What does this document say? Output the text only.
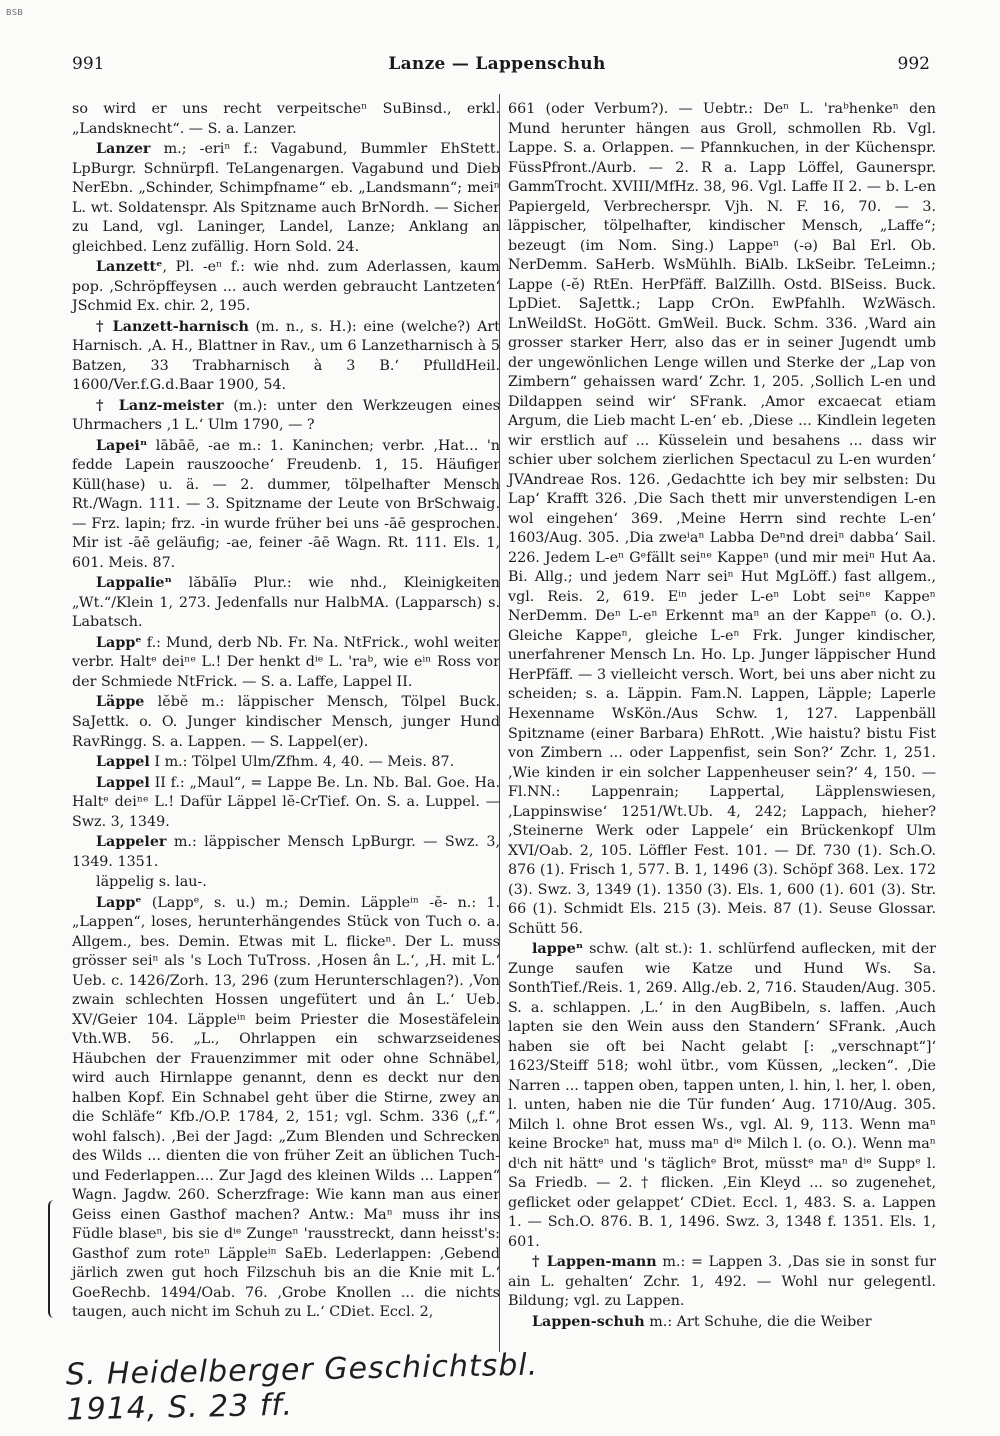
BSB
991	Lanze — Lappenschuh	992

so wird er uns recht verpeitscheⁿ SuBinsd., erkl. „Landsknecht“. — S. a. Lanzer.

Lanzer m.; -eriⁿ f.: Vagabund, Bummler EhStett. LpBurgr. Schnürpfl. TeLangenargen. Vagabund und Dieb NerEbn. „Schinder, Schimpfname“ eb. „Landsmann“; meiⁿ L. wt. Soldatenspr. Als Spitzname auch BrNordh. — Sicher zu Land, vgl. Laninger, Landel, Lanze; Anklang an gleichbed. Lenz zufällig. Horn Sold. 24.

Lanzettᵉ, Pl. -eⁿ f.: wie nhd. zum Aderlassen, kaum pop. ‚Schröpffeysen ... auch werden gebraucht Lantzeten‘ JSchmid Ex. chir. 2, 195.

† Lanzett-harnisch (m. n., s. H.): eine (welche?) Art Harnisch. ‚A. H., Blattner in Rav., um 6 Lanzetharnisch à 5 Batzen, 33 Trabharnisch à 3 B.‘ PfulldHeil. 1600/Ver.f.G.d.Baar 1900, 54.

† Lanz-meister (m.): unter den Werkzeugen eines Uhrmachers ‚1 L.‘ Ulm 1790, — ?

Lapeiⁿ lābāē, -ae m.: 1. Kaninchen; verbr. ‚Hat... 'n fedde Lapein rauszooche‘ Freudenb. 1, 15. Häufiger Küll(hase) u. ä. — 2. dummer, tölpelhafter Mensch Rt./Wagn. 111. — 3. Spitzname der Leute von BrSchwaig. — Frz. lapin; frz. -in wurde früher bei uns -āē gesprochen. Mir ist -āē geläufig; -ae, feiner -āē Wagn. Rt. 111. Els. 1, 601. Meis. 87.

Lappalieⁿ lăbālīə Plur.: wie nhd., Kleinigkeiten „Wt.“/Klein 1, 273. Jedenfalls nur HalbMA. (Lapparsch) s. Labatsch.

Lappᵉ f.: Mund, derb Nb. Fr. Na. NtFrick., wohl weiter verbr. Haltᵉ deiⁿᵉ L.! Der henkt dⁱᵉ L. 'raᵇ, wie eⁱⁿ Ross vor der Schmiede NtFrick. — S. a. Laffe, Lappel II.

Läppe lĕbĕ m.: läppischer Mensch, Tölpel Buck. SaJettk. o. O. Junger kindischer Mensch, junger Hund RavRingg. S. a. Lappen. — S. Lappel(er).

Lappel I m.: Tölpel Ulm/Zfhm. 4, 40. — Meis. 87.

Lappel II f.: „Maul“, = Lappe Be. Ln. Nb. Bal. Goe. Ha. Haltᵉ deiⁿᵉ L.! Dafür Läppel lĕ-CrTief. On. S. a. Luppel. — Swz. 3, 1349.

Lappeler m.: läppischer Mensch LpBurgr. — Swz. 3, 1349. 1351.

läppelig s. lau-.

Lappᵉ (Lappᵉ, s. u.) m.; Demin. Läppleⁱⁿ -ĕ- n.: 1. „Lappen“, loses, herunterhängendes Stück von Tuch o. a. Allgem., bes. Demin. Etwas mit L. flickeⁿ. Der L. muss grösser seiⁿ als 's Loch TuTross. ‚Hosen ân L.‘, ‚H. mit L.‘ Ueb. c. 1426/Zorh. 13, 296 (zum Herunterschlagen?). ‚Von zwain schlechten Hossen ungefütert und ân L.‘ Ueb. XV/Geier 104. Läppleⁱⁿ beim Priester die Mosestäfelein Vth.WB. 56. „L., Ohrlappen ein schwarzseidenes Häubchen der Frauenzimmer mit oder ohne Schnäbel, wird auch Hirnlappe genannt, denn es deckt nur den halben Kopf. Ein Schnabel geht über die Stirne, zwey an die Schläfe“ Kfb./O.P. 1784, 2, 151; vgl. Schm. 336 („f.“, wohl falsch). ‚Bei der Jagd: „Zum Blenden und Schrecken des Wilds ... dienten die von früher Zeit an üblichen Tuch- und Federlappen.... Zur Jagd des kleinen Wilds ... Lappen“ Wagn. Jagdw. 260. Scherzfrage: Wie kann man aus einer Geiss einen Gasthof machen? Antw.: Maⁿ muss ihr ins Füdle blaseⁿ, bis sie dⁱᵉ Zungeⁿ 'rausstreckt, dann heisst's: Gasthof zum roteⁿ Läppleⁱⁿ SaEb. Lederlappen: ‚Gebend järlich zwen gut hoch Filzschuh bis an die Knie mit L.‘ GoeRechb. 1494/Oab. 76. ‚Grobe Knollen ... die nichts taugen, auch nicht im Schuh zu L.‘ CDiet. Eccl. 2,

661 (oder Verbum?). — Uebtr.: Deⁿ L. 'raᵇhenkeⁿ den Mund herunter hängen aus Groll, schmollen Rb. Vgl. Lappe. S. a. Orlappen. — Pfannkuchen, in der Küchenspr. FüssPfront./Aurb. — 2. R a. Lapp Löffel, Gaunerspr. GammTrocht. XVIII/MfHz. 38, 96. Vgl. Laffe II 2. — b. L-en Papiergeld, Verbrecherspr. Vjh. N. F. 16, 70. — 3. läppischer, tölpelhafter, kindischer Mensch, „Laffe“; bezeugt (im Nom. Sing.) Lappeⁿ (-ə) Bal Erl. Ob. NerDemm. SaHerb. WsMühlh. BiAlb. LkSeibr. TeLeimn.; Lappe (-ĕ) RtEn. HerPfäff. BalZillh. Ostd. BlSeiss. Buck. LpDiet. SaJettk.; Lapp CrOn. EwPfahlh. WzWäsch. LnWeildSt. HoGött. GmWeil. Buck. Schm. 336. ‚Ward ain grosser starker Herr, also das er in seiner Jugendt umb der ungewönlichen Lenge willen und Sterke der „Lap von Zimbern“ gehaissen ward‘ Zchr. 1, 205. ‚Sollich L-en und Dildappen seind wir‘ SFrank. ‚Amor excaecat etiam Argum, die Lieb macht L-en‘ eb. ‚Diese ... Kindlein legeten wir erstlich auf ... Küsselein und besahens ... dass wir schier uber solchem zierlichen Spectacul zu L-en wurden‘ JVAndreae Ros. 126. ‚Gedachtte ich bey mir selbsten: Du Lap‘ Krafft 326. ‚Die Sach thett mir unverstendigen L-en wol eingehen‘ 369. ‚Meine Herrn sind rechte L-en‘ 1603/Aug. 305. ‚Dia zweⁱaⁿ Labba Deⁿnd dreiⁿ dabba‘ Sail. 226. Jedem L-eⁿ Gᵉfällt seiⁿᵉ Kappeⁿ (und mir meiⁿ Hut Aa. Bi. Allg.; und jedem Narr seiⁿ Hut MgLöff.) fast allgem., vgl. Reis. 2, 619. Eⁱⁿ jeder L-eⁿ Lobt seiⁿᵉ Kappeⁿ NerDemm. Deⁿ L-eⁿ Erkennt maⁿ an der Kappeⁿ (o. O.). Gleiche Kappeⁿ, gleiche L-eⁿ Frk. Junger kindischer, unerfahrener Mensch Ln. Ho. Lp. Junger läppischer Hund HerPfäff. — 3 vielleicht versch. Wort, bei uns aber nicht zu scheiden; s. a. Läppin. Fam.N. Lappen, Läpple; Laperle Hexenname WsKön./Aus Schw. 1, 127. Lappenbäll Spitzname (einer Barbara) EhRott. ‚Wie haistu? bistu Fist von Zimbern ... oder Lappenfist, sein Son?‘ Zchr. 1, 251. ‚Wie kinden ir ein solcher Lappenheuser sein?‘ 4, 150. — Fl.NN.: Lappenrain; Lappertal, Läpplenswiesen, ‚Lappinswise‘ 1251/Wt.Ub. 4, 242; Lappach, hieher? ‚Steinerne Werk oder Lappele‘ ein Brückenkopf Ulm XVI/Oab. 2, 105. Löffler Fest. 101. — Df. 730 (1). Sch.O. 876 (1). Frisch 1, 577. B. 1, 1496 (3). Schöpf 368. Lex. 172 (3). Swz. 3, 1349 (1). 1350 (3). Els. 1, 600 (1). 601 (3). Str. 66 (1). Schmidt Els. 215 (3). Meis. 87 (1). Seuse Glossar. Schütt 56.

lappeⁿ schw. (alt st.): 1. schlürfend auflecken, mit der Zunge saufen wie Katze und Hund Ws. Sa. SonthTief./Reis. 1, 269. Allg./eb. 2, 716. Stauden/Aug. 305. S. a. schlappen. ‚L.‘ in den AugBibeln, s. laffen. ‚Auch lapten sie den Wein auss den Standern‘ SFrank. ‚Auch haben sie oft bei Nacht gelabt [: „verschnapt“]‘ 1623/Steiff 518; wohl ütbr., vom Küssen, „lecken“. ‚Die Narren ... tappen oben, tappen unten, l. hin, l. her, l. oben, l. unten, haben nie die Tür funden‘ Aug. 1710/Aug. 305. Milch l. ohne Brot essen Ws., vgl. Al. 9, 113. Wenn maⁿ keine Brockeⁿ hat, muss maⁿ dⁱᵉ Milch l. (o. O.). Wenn maⁿ dⁱch nit hättᵉ und 's täglichᵉ Brot, müsstᵉ maⁿ dⁱᵉ Suppᵉ l. Sa Friedb. — 2. † flicken. ‚Ein Kleyd ... so zugenehet, geflicket oder gelappet‘ CDiet. Eccl. 1, 483. S. a. Lappen 1. — Sch.O. 876. B. 1, 1496. Swz. 3, 1348 f. 1351. Els. 1, 601.

† Lappen-mann m.: = Lappen 3. ‚Das sie in sonst fur ain L. gehalten‘ Zchr. 1, 492. — Wohl nur gelegentl. Bildung; vgl. zu Lappen.

Lappen-schuh m.: Art Schuhe, die die Weiber

S. Heidelberger Geschichtsbl. 1914, S. 23 ff.
